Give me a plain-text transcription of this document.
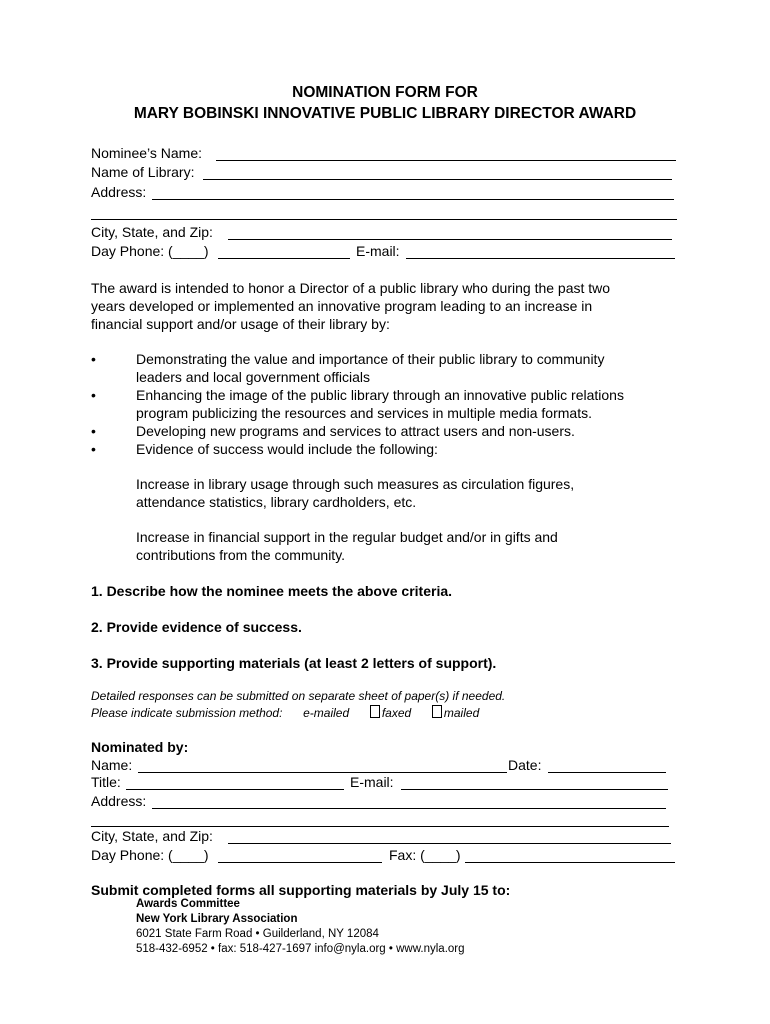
NOMINATION FORM FOR
MARY BOBINSKI INNOVATIVE PUBLIC LIBRARY DIRECTOR AWARD
Nominee’s Name:
Name of Library:
Address:
City, State, and Zip:
Day Phone: (____)	E-mail:
The award is intended to honor a Director of a public library who during the past two
years developed or implemented an innovative program leading to an increase in
financial support and/or usage of their library by:
•	Demonstrating the value and importance of their public library to community
leaders and local government officials
•	Enhancing the image of the public library through an innovative public relations
program publicizing the resources and services in multiple media formats.
•	Developing new programs and services to attract users and non-users.
•	Evidence of success would include the following:
Increase in library usage through such measures as circulation figures,
attendance statistics, library cardholders, etc.
Increase in financial support in the regular budget and/or in gifts and
contributions from the community.
1. Describe how the nominee meets the above criteria.
2. Provide evidence of success.
3. Provide supporting materials (at least 2 letters of support).
Detailed responses can be submitted on separate sheet of paper(s) if needed.
Please indicate submission method: e-mailed	faxed	mailed
Nominated by:
Name:	Date:
Title:	E-mail:
Address:
City, State, and Zip:
Day Phone: (____)	Fax: (____)
Submit completed forms all supporting materials by July 15 to:
Awards Committee
New York Library Association
6021 State Farm Road • Guilderland, NY 12084
518-432-6952 • fax: 518-427-1697 info@nyla.org • www.nyla.org
